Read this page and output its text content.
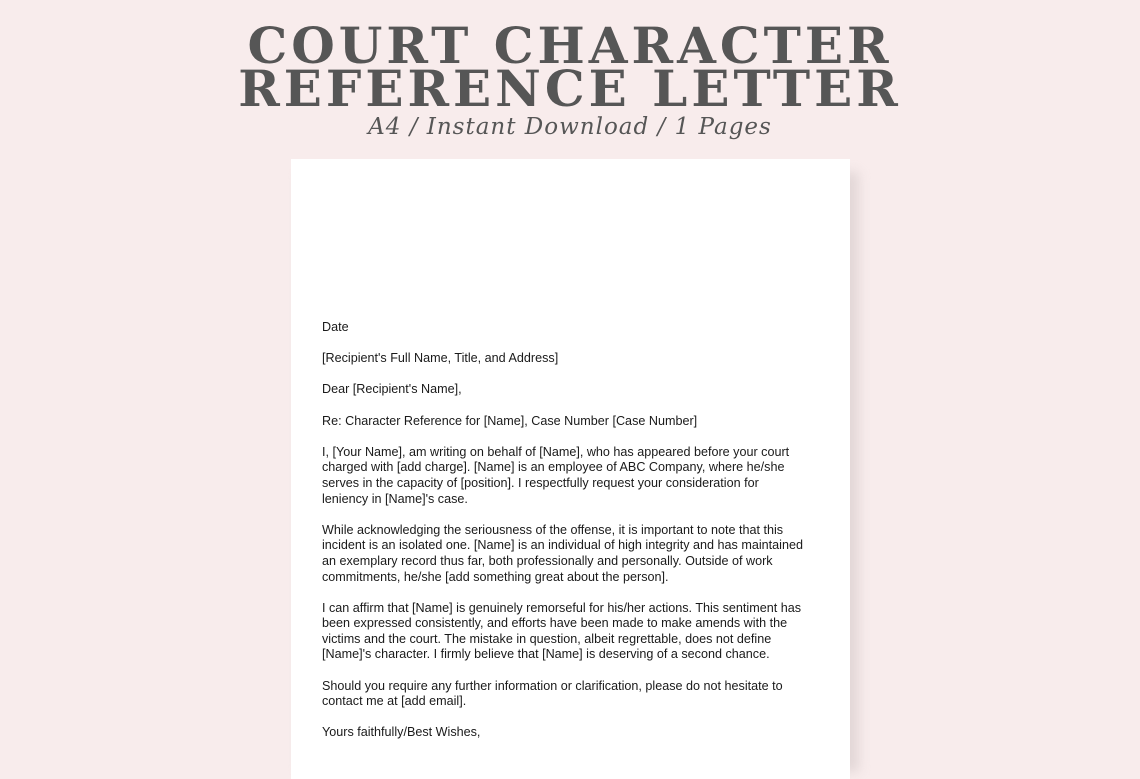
COURT CHARACTER
REFERENCE LETTER
A4 / Instant Download / 1 Pages

Date

[Recipient's Full Name, Title, and Address]

Dear [Recipient's Name],

Re: Character Reference for [Name], Case Number [Case Number]

I, [Your Name], am writing on behalf of [Name], who has appeared before your court charged with [add charge]. [Name] is an employee of ABC Company, where he/she serves in the capacity of [position]. I respectfully request your consideration for leniency in [Name]'s case.

While acknowledging the seriousness of the offense, it is important to note that this incident is an isolated one. [Name] is an individual of high integrity and has maintained an exemplary record thus far, both professionally and personally. Outside of work commitments, he/she [add something great about the person].

I can affirm that [Name] is genuinely remorseful for his/her actions. This sentiment has been expressed consistently, and efforts have been made to make amends with the victims and the court. The mistake in question, albeit regrettable, does not define [Name]'s character. I firmly believe that [Name] is deserving of a second chance.

Should you require any further information or clarification, please do not hesitate to contact me at [add email].

Yours faithfully/Best Wishes,
